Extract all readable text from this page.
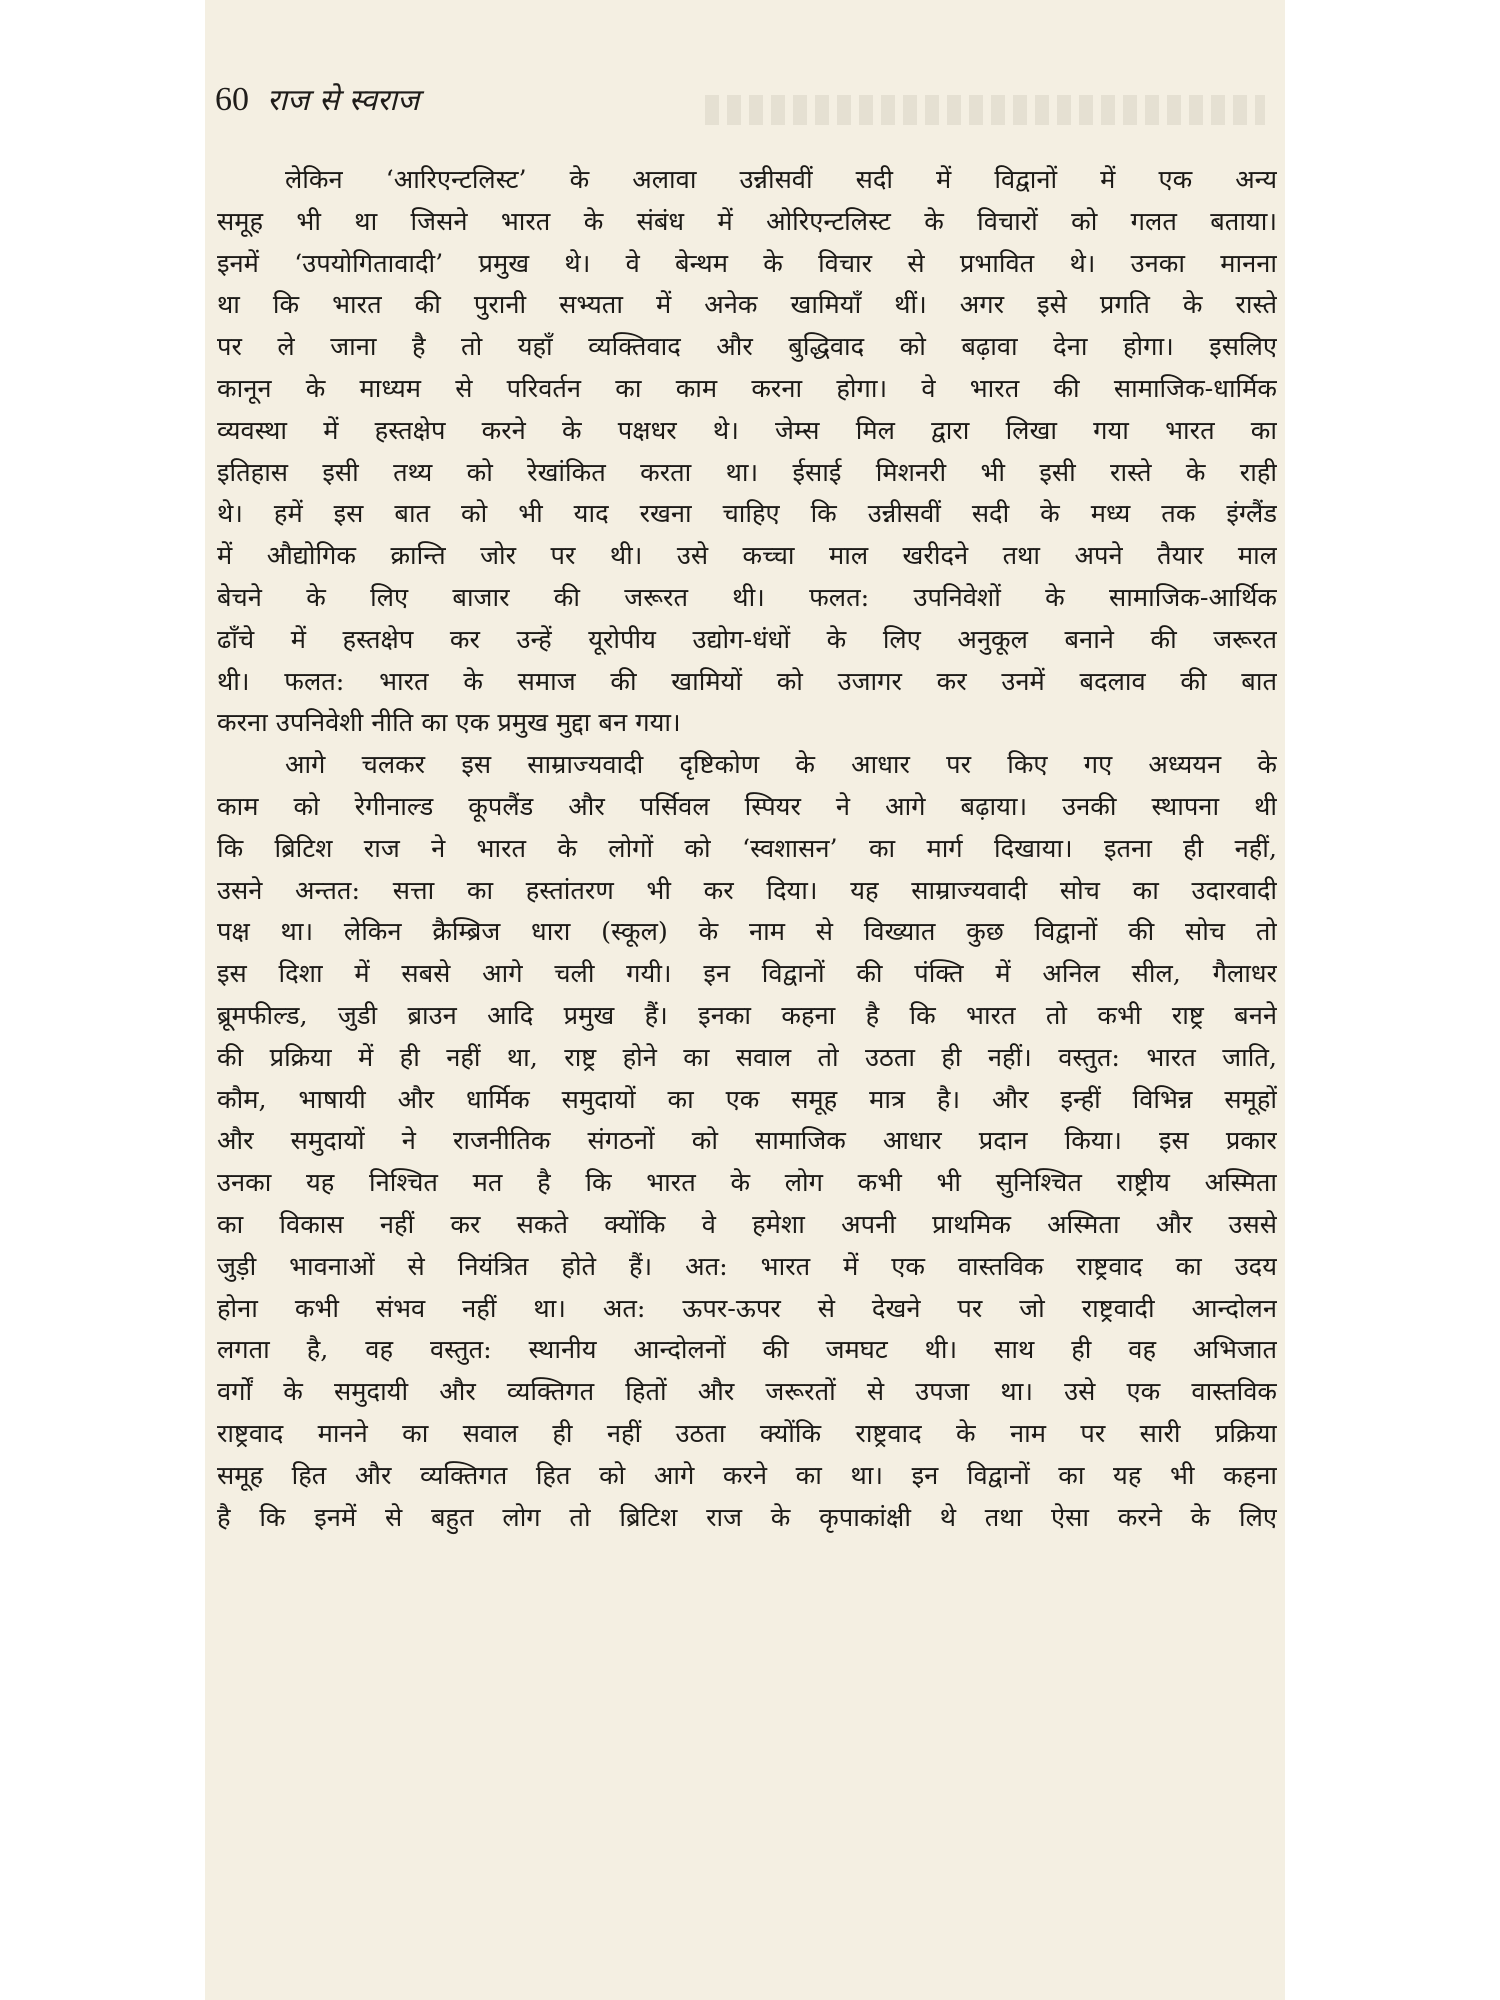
60 राज से स्वराज
लेकिन ‘आरिएन्टलिस्ट’ के अलावा उन्नीसवीं सदी में विद्वानों में एक अन्य
समूह भी था जिसने भारत के संबंध में ओरिएन्टलिस्ट के विचारों को गलत बताया।
इनमें ‘उपयोगितावादी’ प्रमुख थे। वे बेन्थम के विचार से प्रभावित थे। उनका मानना
था कि भारत की पुरानी सभ्यता में अनेक खामियाँ थीं। अगर इसे प्रगति के रास्ते
पर ले जाना है तो यहाँ व्यक्तिवाद और बुद्धिवाद को बढ़ावा देना होगा। इसलिए
कानून के माध्यम से परिवर्तन का काम करना होगा। वे भारत की सामाजिक-धार्मिक
व्यवस्था में हस्तक्षेप करने के पक्षधर थे। जेम्स मिल द्वारा लिखा गया भारत का
इतिहास इसी तथ्य को रेखांकित करता था। ईसाई मिशनरी भी इसी रास्ते के राही
थे। हमें इस बात को भी याद रखना चाहिए कि उन्नीसवीं सदी के मध्य तक इंग्लैंड
में औद्योगिक क्रान्ति जोर पर थी। उसे कच्चा माल खरीदने तथा अपने तैयार माल
बेचने के लिए बाजार की जरूरत थी। फलत: उपनिवेशों के सामाजिक-आर्थिक
ढाँचे में हस्तक्षेप कर उन्हें यूरोपीय उद्योग-धंधों के लिए अनुकूल बनाने की जरूरत
थी। फलत: भारत के समाज की खामियों को उजागर कर उनमें बदलाव की बात
करना उपनिवेशी नीति का एक प्रमुख मुद्दा बन गया।
आगे चलकर इस साम्राज्यवादी दृष्टिकोण के आधार पर किए गए अध्ययन के
काम को रेगीनाल्ड कूपलैंड और पर्सिवल स्पियर ने आगे बढ़ाया। उनकी स्थापना थी
कि ब्रिटिश राज ने भारत के लोगों को ‘स्वशासन’ का मार्ग दिखाया। इतना ही नहीं,
उसने अन्तत: सत्ता का हस्तांतरण भी कर दिया। यह साम्राज्यवादी सोच का उदारवादी
पक्ष था। लेकिन क्रैम्ब्रिज धारा (स्कूल) के नाम से विख्यात कुछ विद्वानों की सोच तो
इस दिशा में सबसे आगे चली गयी। इन विद्वानों की पंक्ति में अनिल सील, गैलाधर
ब्रूमफील्ड, जुडी ब्राउन आदि प्रमुख हैं। इनका कहना है कि भारत तो कभी राष्ट्र बनने
की प्रक्रिया में ही नहीं था, राष्ट्र होने का सवाल तो उठता ही नहीं। वस्तुत: भारत जाति,
कौम, भाषायी और धार्मिक समुदायों का एक समूह मात्र है। और इन्हीं विभिन्न समूहों
और समुदायों ने राजनीतिक संगठनों को सामाजिक आधार प्रदान किया। इस प्रकार
उनका यह निश्चित मत है कि भारत के लोग कभी भी सुनिश्चित राष्ट्रीय अस्मिता
का विकास नहीं कर सकते क्योंकि वे हमेशा अपनी प्राथमिक अस्मिता और उससे
जुड़ी भावनाओं से नियंत्रित होते हैं। अत: भारत में एक वास्तविक राष्ट्रवाद का उदय
होना कभी संभव नहीं था। अत: ऊपर-ऊपर से देखने पर जो राष्ट्रवादी आन्दोलन
लगता है, वह वस्तुत: स्थानीय आन्दोलनों की जमघट थी। साथ ही वह अभिजात
वर्गों के समुदायी और व्यक्तिगत हितों और जरूरतों से उपजा था। उसे एक वास्तविक
राष्ट्रवाद मानने का सवाल ही नहीं उठता क्योंकि राष्ट्रवाद के नाम पर सारी प्रक्रिया
समूह हित और व्यक्तिगत हित को आगे करने का था। इन विद्वानों का यह भी कहना
है कि इनमें से बहुत लोग तो ब्रिटिश राज के कृपाकांक्षी थे तथा ऐसा करने के लिए
